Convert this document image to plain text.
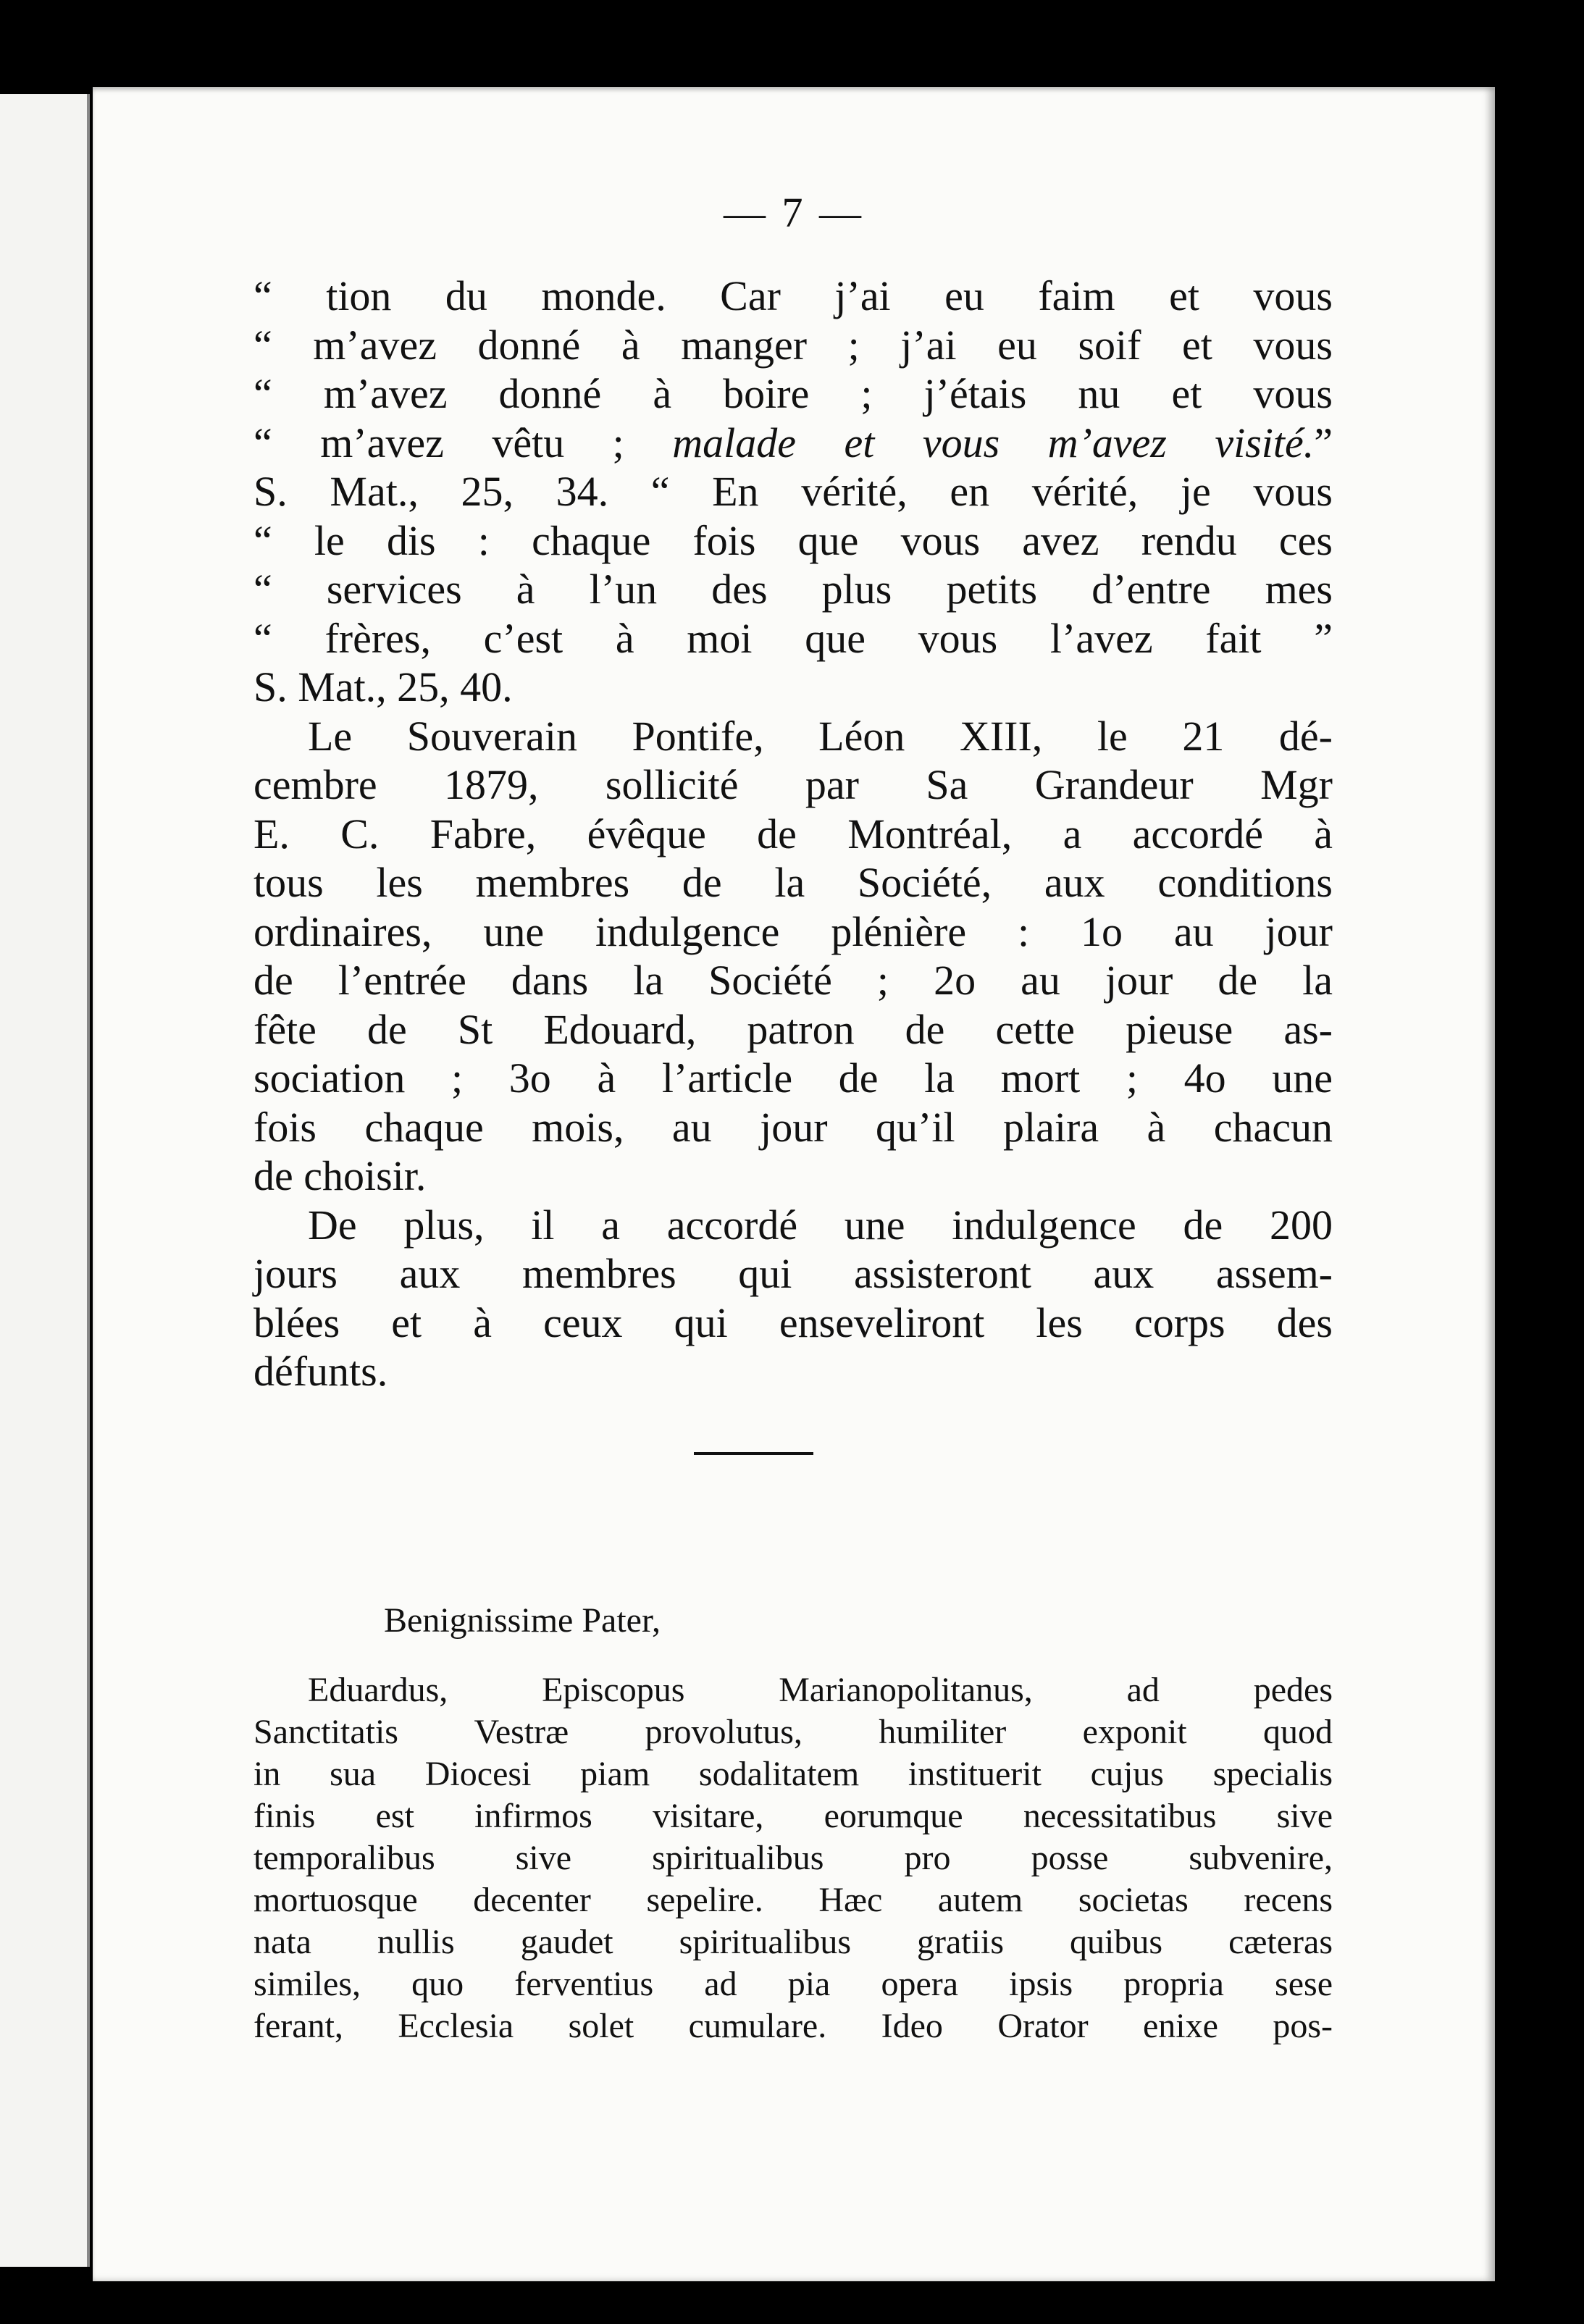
— 7 —

“ tion du monde. Car j’ai eu faim et vous
“ m’avez donné à manger ; j’ai eu soif et vous
“ m’avez donné à boire ; j’étais nu et vous
“ m’avez vêtu ; malade et vous m’avez visité.”
S. Mat., 25, 34. “ En vérité, en vérité, je vous
“ le dis : chaque fois que vous avez rendu ces
“ services à l’un des plus petits d’entre mes
“ frères, c’est à moi que vous l’avez fait ”
S. Mat., 25, 40.

Le Souverain Pontife, Léon XIII, le 21 dé-
cembre 1879, sollicité par Sa Grandeur Mgr
E. C. Fabre, évêque de Montréal, a accordé à
tous les membres de la Société, aux conditions
ordinaires, une indulgence plénière : 1o au jour
de l’entrée dans la Société ; 2o au jour de la
fête de St Edouard, patron de cette pieuse as-
sociation ; 3o à l’article de la mort ; 4o une
fois chaque mois, au jour qu’il plaira à chacun
de choisir.

De plus, il a accordé une indulgence de 200
jours aux membres qui assisteront aux assem-
blées et à ceux qui enseveliront les corps des
défunts.

Benignissime Pater,
Eduardus, Episcopus Marianopolitanus, ad pedes
Sanctitatis Vestræ provolutus, humiliter exponit quod
in sua Diocesi piam sodalitatem instituerit cujus specialis
finis est infirmos visitare, eorumque necessitatibus sive
temporalibus sive spiritualibus pro posse subvenire,
mortuosque decenter sepelire. Hæc autem societas recens
nata nullis gaudet spiritualibus gratiis quibus cæteras
similes, quo ferventius ad pia opera ipsis propria sese
ferant, Ecclesia solet cumulare. Ideo Orator enixe pos-
